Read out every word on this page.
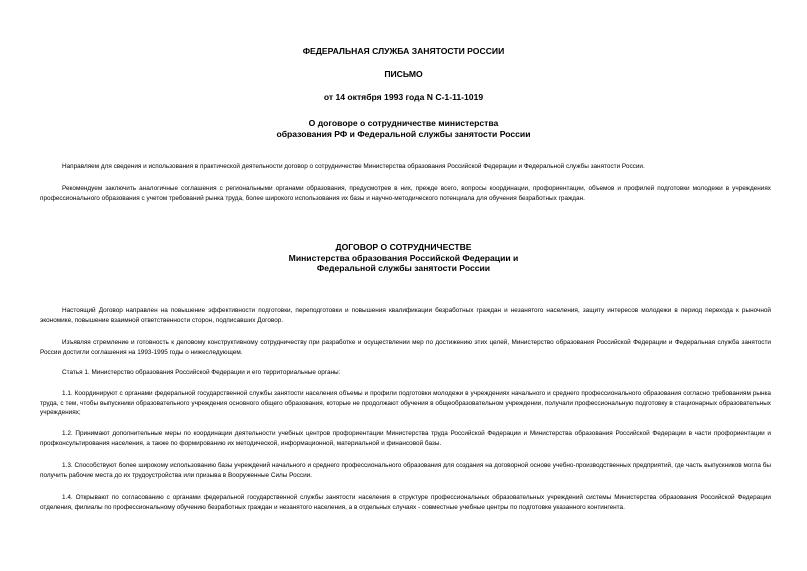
ФЕДЕРАЛЬНАЯ СЛУЖБА ЗАНЯТОСТИ РОССИИ
ПИСЬМО
от 14 октября 1993 года N С-1-11-1019
О договоре о сотрудничестве министерства
образования РФ и Федеральной службы занятости России

Направляем для сведения и использования в практической деятельности договор о сотрудничестве Министерства образования Российской Федерации и Федеральной службы занятости России.

Рекомендуем заключить аналогичные соглашения с региональными органами образования, предусмотрев в них, прежде всего, вопросы координации, профориентации, объемов и профилей подготовки молодежи в учреждениях профессионального образования с учетом требований рынка труда, более широкого использования их базы и научно-методического потенциала для обучения безработных граждан.

ДОГОВОР О СОТРУДНИЧЕСТВЕ
Министерства образования Российской Федерации и
Федеральной службы занятости России

Настоящий Договор направлен на повышение эффективности подготовки, переподготовки и повышения квалификации безработных граждан и незанятого населения, защиту интересов молодежи в период перехода к рыночной экономике, повышение взаимной ответственности сторон, подписавших Договор.

Изъявляя стремление и готовность к деловому конструктивному сотрудничеству при разработке и осуществлении мер по достижению этих целей, Министерство образования Российской Федерации и Федеральная служба занятости России достигли соглашения на 1993-1995 годы о нижеследующем.

Статья 1. Министерство образования Российской Федерации и его территориальные органы:

1.1. Координируют с органами федеральной государственной службы занятости населения объемы и профили подготовки молодежи в учреждениях начального и среднего профессионального образования согласно требованиям рынка труда, с тем, чтобы выпускники образовательного учреждения основного общего образования, которые не продолжают обучения в общеобразовательном учреждении, получали профессиональную подготовку в стационарных образовательных учреждениях;

1.2. Принимают дополнительные меры по координации деятельности учебных центров профориентации Министерства труда Российской Федерации и Министерства образования Российской Федерации в части профориентации и профконсультирования населения, а также по формированию их методической, информационной, материальной и финансовой базы.

1.3. Способствуют более широкому использованию базы учреждений начального и среднего профессионального образования для создания на договорной основе учебно-производственных предприятий, где часть выпускников могла бы получить рабочие места до их трудоустройства или призыва в Вооруженные Силы России.

1.4. Открывают по согласованию с органами федеральной государственной службы занятости населения в структуре профессиональных образовательных учреждений системы Министерства образования Российской Федерации отделения, филиалы по профессиональному обучению безработных граждан и незанятого населения, а в отдельных случаях - совместные учебные центры по подготовке указанного контингента.
